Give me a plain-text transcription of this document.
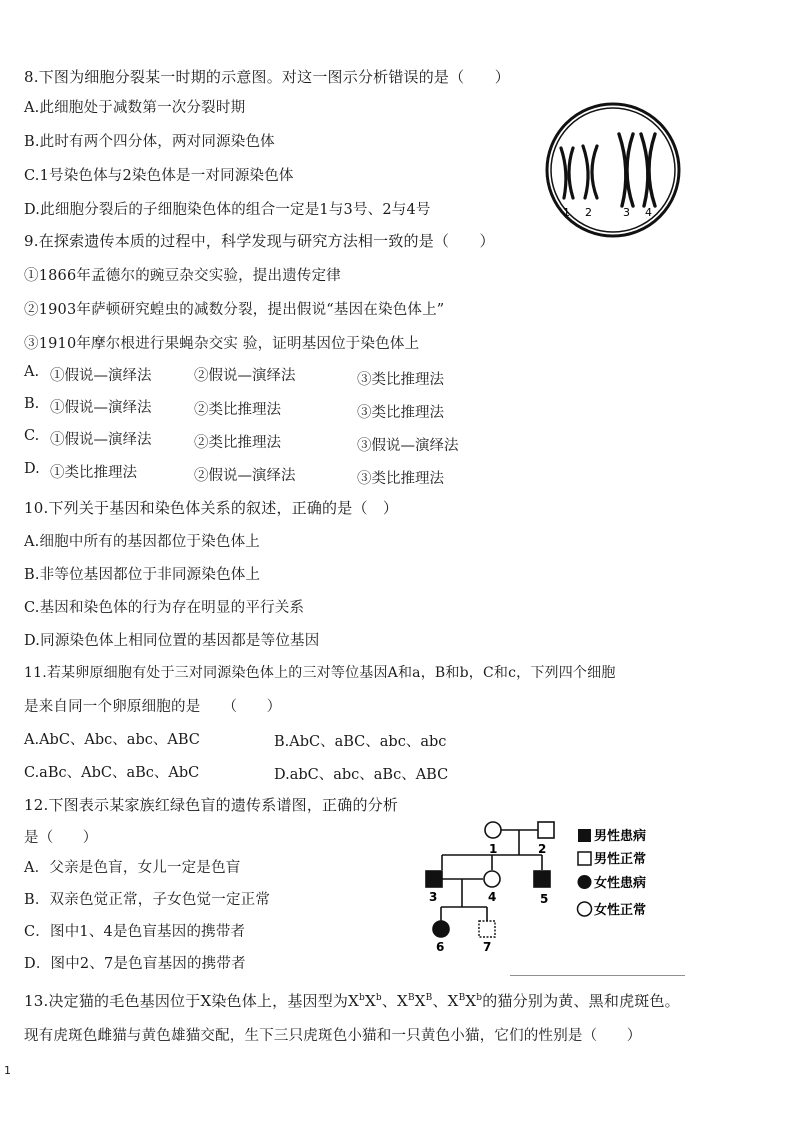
8.下图为细胞分裂某一时期的示意图。对这一图示分析错误的是（　　）
A.此细胞处于减数第一次分裂时期
B.此时有两个四分体，两对同源染色体
C.1号染色体与2染色体是一对同源染色体
D.此细胞分裂后的子细胞染色体的组合一定是1与3号、2与4号	1 2	3 4
9.在探索遗传本质的过程中，科学发现与研究方法相一致的是（　　）
①1866年孟德尔的豌豆杂交实验，提出遗传定律
②1903年萨顿研究蝗虫的减数分裂，提出假说“基因在染色体上”
③1910年摩尔根进行果蝇杂交实 验，证明基因位于染色体上
A. ①假说—演绎法	②假说—演绎法	③类比推理法
B. ①假说—演绎法	②类比推理法	③类比推理法
C. ①假说—演绎法	②类比推理法	③假说—演绎法
D. ①类比推理法	②假说—演绎法	③类比推理法
10.下列关于基因和染色体关系的叙述，正确的是（　）
A.细胞中所有的基因都位于染色体上
B.非等位基因都位于非同源染色体上
C.基因和染色体的行为存在明显的平行关系
D.同源染色体上相同位置的基因都是等位基因
11.若某卵原细胞有处于三对同源染色体上的三对等位基因A和a，B和b，C和c，下列四个细胞
是来自同一个卵原细胞的是　　（　　）
A.AbC、Abc、abc、ABC	B.AbC、aBC、abc、abc
C.aBc、AbC、aBc、AbC	D.abC、abc、aBc、ABC
12.下图表示某家族红绿色盲的遗传系谱图，正确的分析
是（　　）
A．父亲是色盲，女儿一定是色盲
B．双亲色觉正常，子女色觉一定正常
C．图中1、4是色盲基因的携带者
D．图中2、7是色盲基因的携带者
1	2
3	4	5
6	7
男性患病
男性正常
女性患病
女性正常
13.决定猫的毛色基因位于X染色体上，基因型为$X^bX^b$、$X^BX^B$、$X^BX^b$的猫分别为黄、黑和虎斑色。
现有虎斑色雌猫与黄色雄猫交配，生下三只虎斑色小猫和一只黄色小猫，它们的性别是（　　）
1
